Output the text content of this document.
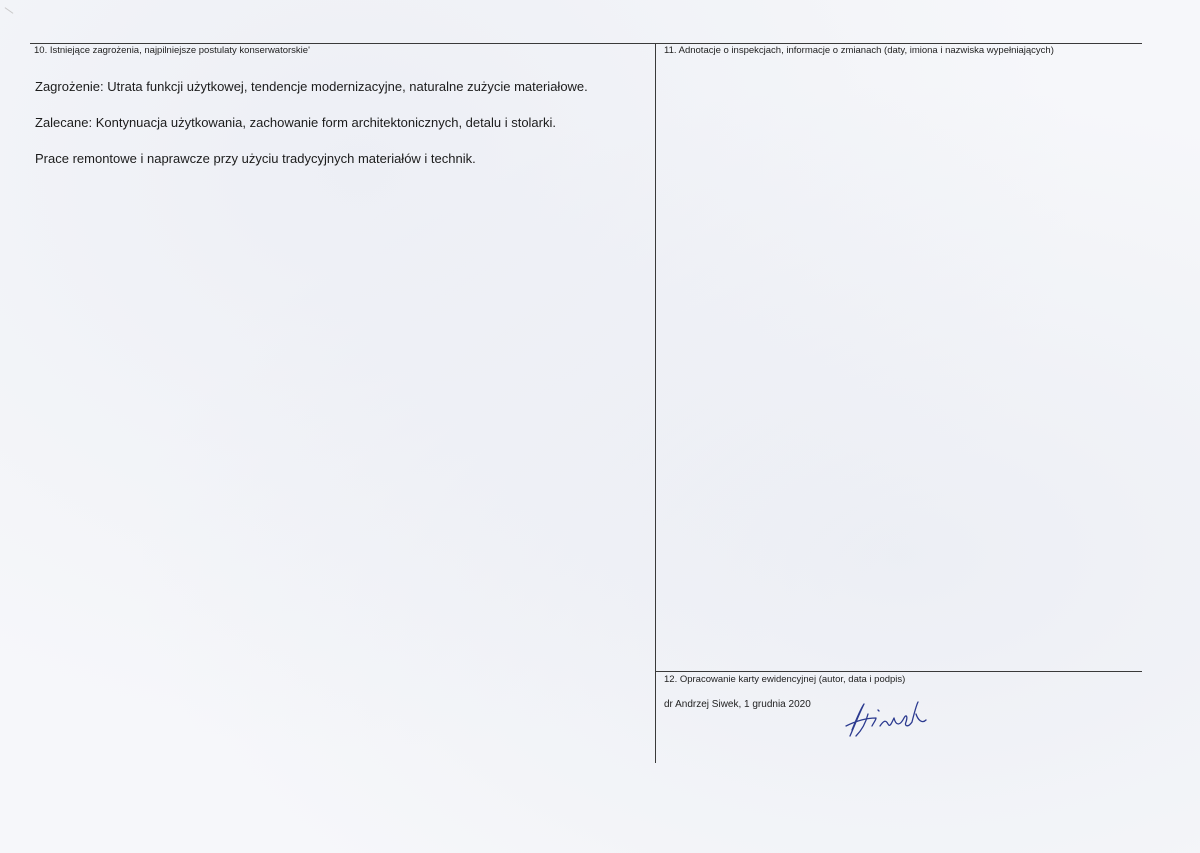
10. Istniejące zagrożenia, najpilniejsze postulaty konserwatorskie'
Zagrożenie: Utrata funkcji użytkowej, tendencje modernizacyjne, naturalne zużycie materiałowe.
Zalecane: Kontynuacja użytkowania, zachowanie form architektonicznych, detalu i stolarki.
Prace remontowe i naprawcze przy użyciu tradycyjnych materiałów i technik.
11. Adnotacje o inspekcjach, informacje o zmianach (daty, imiona i nazwiska wypełniających)
12. Opracowanie karty ewidencyjnej (autor, data i podpis)
dr Andrzej Siwek, 1 grudnia 2020
